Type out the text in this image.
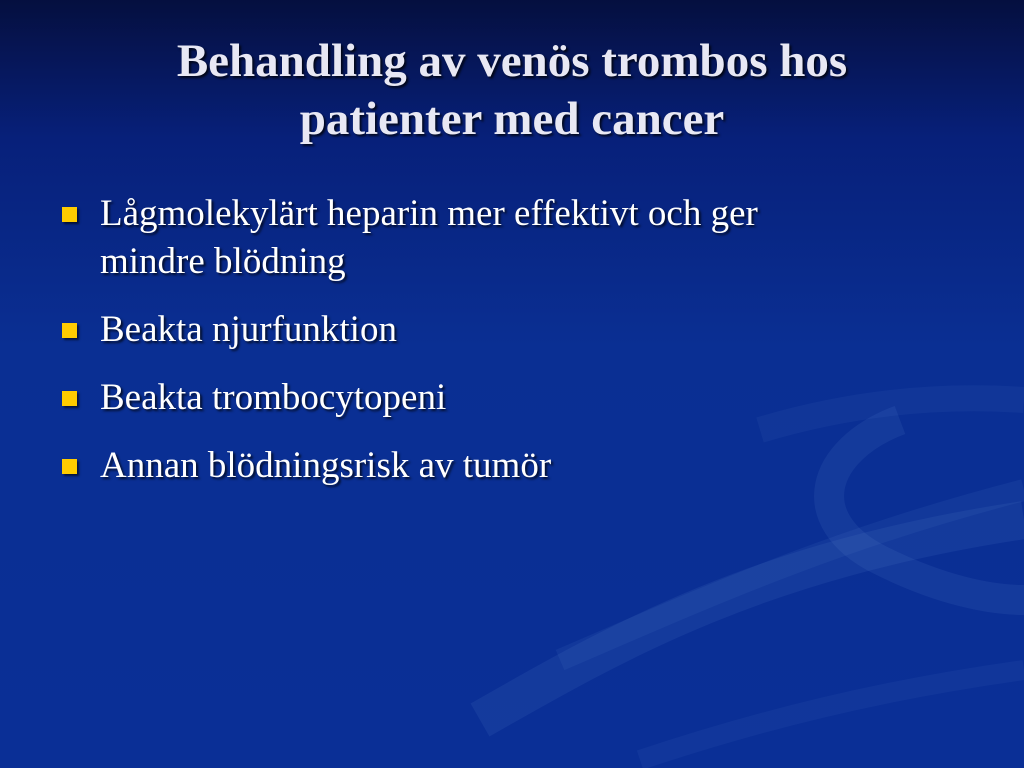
Behandling av venös trombos hos
patienter med cancer
Lågmolekylärt heparin mer effektivt och ger
mindre blödning
Beakta njurfunktion
Beakta trombocytopeni
Annan blödningsrisk av tumör
